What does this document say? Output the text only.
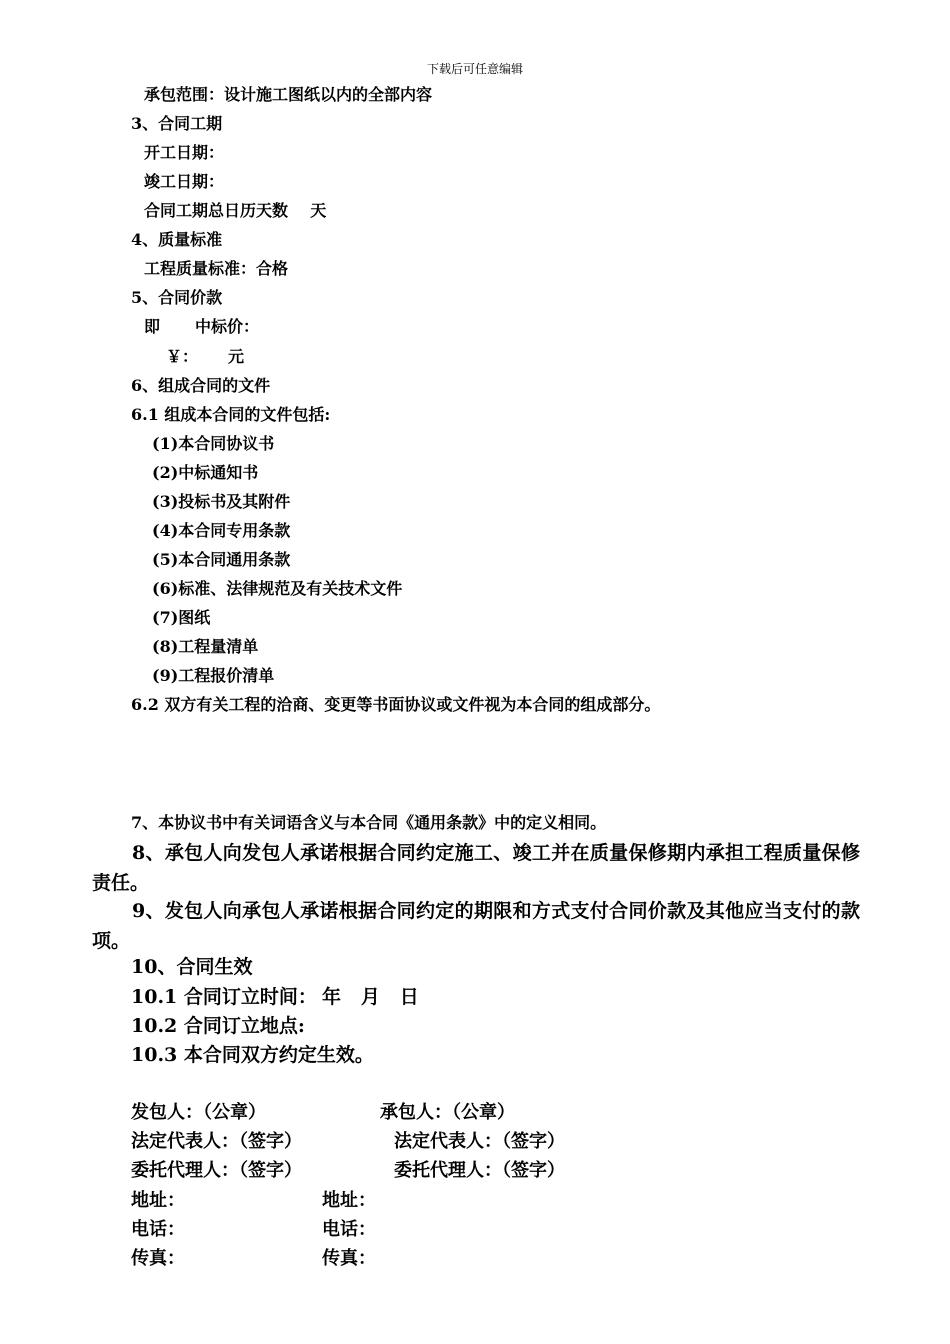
下载后可任意编辑
承包范围：设计施工图纸以内的全部内容
3、合同工期
开工日期：
竣工日期：
合同工期总日历天数    天
4、质量标准
工程质量标准：合格
5、合同价款
即 中标价：
￥： 元
6、组成合同的文件
6.1 组成本合同的文件包括:
(1)本合同协议书
(2)中标通知书
(3)投标书及其附件
(4)本合同专用条款
(5)本合同通用条款
(6)标准、法律规范及有关技术文件
(7)图纸
(8)工程量清单
(9)工程报价清单
6.2 双方有关工程的洽商、变更等书面协议或文件视为本合同的组成部分。
7、本协议书中有关词语含义与本合同《通用条款》中的定义相同。
8、承包人向发包人承诺根据合同约定施工、竣工并在质量保修期内承担工程质量保修责任。
9、发包人向承包人承诺根据合同约定的期限和方式支付合同价款及其他应当支付的款项。
10、合同生效
10.1 合同订立时间： 年   月   日
10.2 合同订立地点:
10.3 本合同双方约定生效。
发包人：（公章）	承包人：（公章）
法定代表人：（签字）	法定代表人：（签字）
委托代理人：（签字）	委托代理人：（签字）
地址：	地址：
电话：	电话：
传真：	传真：
